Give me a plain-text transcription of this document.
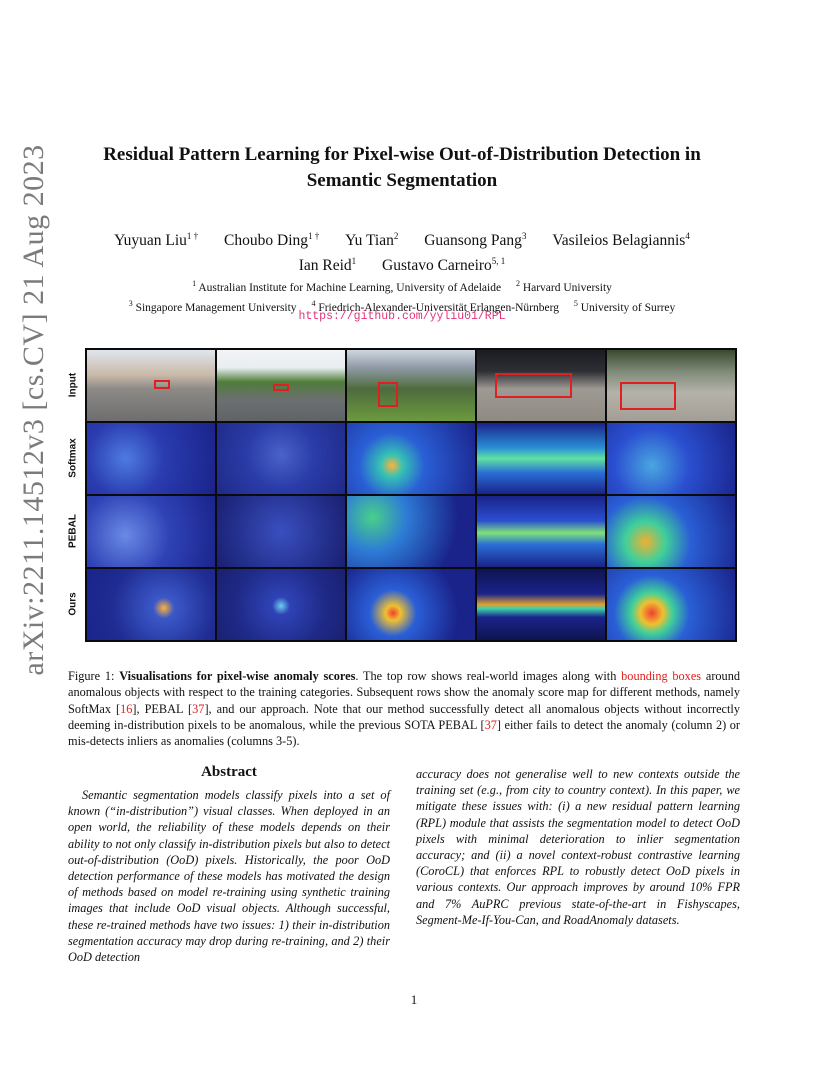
arXiv:2211.14512v3 [cs.CV] 21 Aug 2023	Residual Pattern Learning for Pixel-wise Out-of-Distribution Detection in Semantic Segmentation
Yuyuan Liu$^{1 \dagger}$ Choubo Ding$^{1 \dagger}$ Yu Tian$^2$ Guansong Pang$^3$ Vasileios Belagiannis$^4$
Ian Reid$^1$ Gustavo Carneiro$^{5, 1}$
$^1$ Australian Institute for Machine Learning, University of Adelaide $^2$ Harvard University
$^3$ Singapore Management University $^4$ Friedrich-Alexander-Universität Erlangen-Nürnberg $^5$ University of Surrey
https://github.com/yyliu01/RPL
Input
Softmax
PEBAL
Ours
Figure 1: Visualisations for pixel-wise anomaly scores. The top row shows real-world images along with bounding boxes around anomalous objects with respect to the training categories. Subsequent rows show the anomaly score map for different methods, namely SoftMax [16], PEBAL [37], and our approach. Note that our method successfully detect all anomalous objects without incorrectly deeming in-distribution pixels to be anomalous, while the previous SOTA PEBAL [37] either fails to detect the anomaly (column 2) or mis-detects inliers as anomalies (columns 3-5).
Abstract
Semantic segmentation models classify pixels into a set of known (“in-distribution”) visual classes. When deployed in an open world, the reliability of these models depends on their ability to not only classify in-distribution pixels but also to detect out-of-distribution (OoD) pixels. Historically, the poor OoD detection performance of these models has motivated the design of methods based on model re-training using synthetic training images that include OoD visual objects. Although successful, these re-trained methods have two issues: 1) their in-distribution segmentation accuracy may drop during re-training, and 2) their OoD detection
accuracy does not generalise well to new contexts outside the training set (e.g., from city to country context). In this paper, we mitigate these issues with: (i) a new residual pattern learning (RPL) module that assists the segmentation model to detect OoD pixels with minimal deterioration to inlier segmentation accuracy; and (ii) a novel context-robust contrastive learning (CoroCL) that enforces RPL to robustly detect OoD pixels in various contexts. Our approach improves by around 10% FPR and 7% AuPRC previous state-of-the-art in Fishyscapes, Segment-Me-If-You-Can, and RoadAnomaly datasets.
1
